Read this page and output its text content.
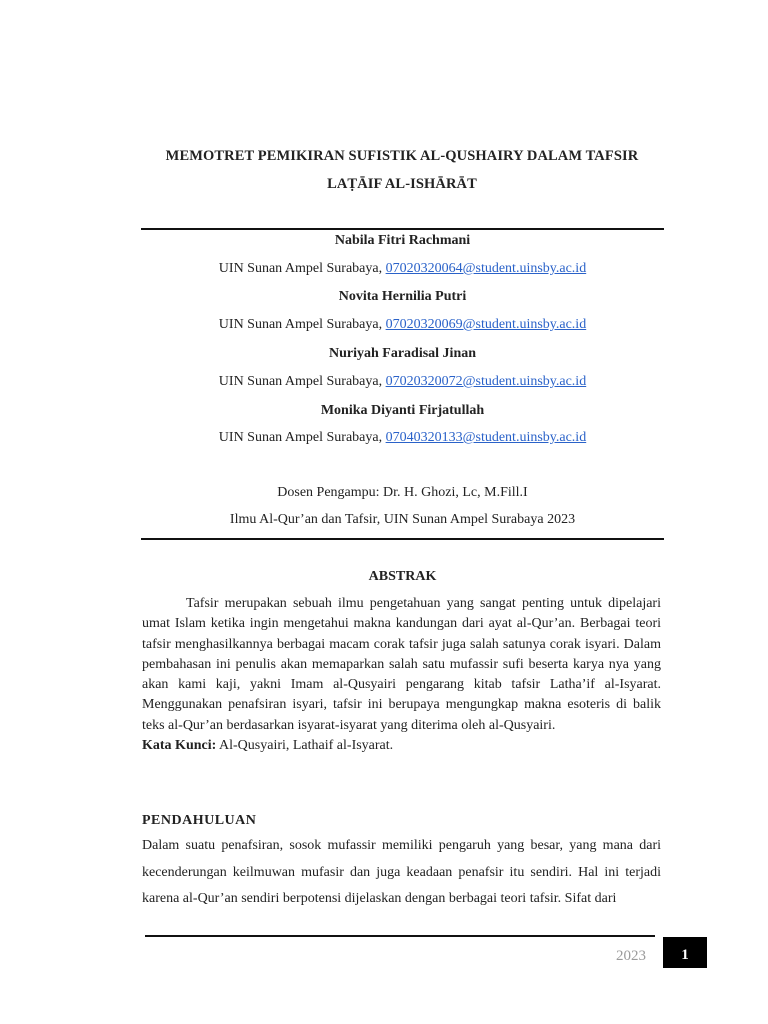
MEMOTRET PEMIKIRAN SUFISTIK AL-QUSHAIRY DALAM TAFSIR
LAṬĀIF AL-ISHĀRĀT
Nabila Fitri Rachmani
UIN Sunan Ampel Surabaya, 07020320064@student.uinsby.ac.id
Novita Hernilia Putri
UIN Sunan Ampel Surabaya, 07020320069@student.uinsby.ac.id
Nuriyah Faradisal Jinan
UIN Sunan Ampel Surabaya, 07020320072@student.uinsby.ac.id
Monika Diyanti Firjatullah
UIN Sunan Ampel Surabaya, 07040320133@student.uinsby.ac.id
Dosen Pengampu: Dr. H. Ghozi, Lc, M.Fill.I
Ilmu Al-Qur’an dan Tafsir, UIN Sunan Ampel Surabaya 2023
ABSTRAK

Tafsir merupakan sebuah ilmu pengetahuan yang sangat penting untuk dipelajari umat Islam ketika ingin mengetahui makna kandungan dari ayat al-Qur’an. Berbagai teori tafsir menghasilkannya berbagai macam corak tafsir juga salah satunya corak isyari. Dalam pembahasan ini penulis akan memaparkan salah satu mufassir sufi beserta karya nya yang akan kami kaji, yakni Imam al-Qusyairi pengarang kitab tafsir Latha’if al-Isyarat. Menggunakan penafsiran isyari, tafsir ini berupaya mengungkap makna esoteris di balik teks al-Qur’an berdasarkan isyarat-isyarat yang diterima oleh al-Qusyairi.

Kata Kunci: Al-Qusyairi, Lathaif al-Isyarat.

PENDAHULUAN
Dalam suatu penafsiran, sosok mufassir memiliki pengaruh yang besar, yang mana dari kecenderungan keilmuwan mufasir dan juga keadaan penafsir itu sendiri. Hal ini terjadi karena al-Qur’an sendiri berpotensi dijelaskan dengan berbagai teori tafsir. Sifat dari
2023	1
